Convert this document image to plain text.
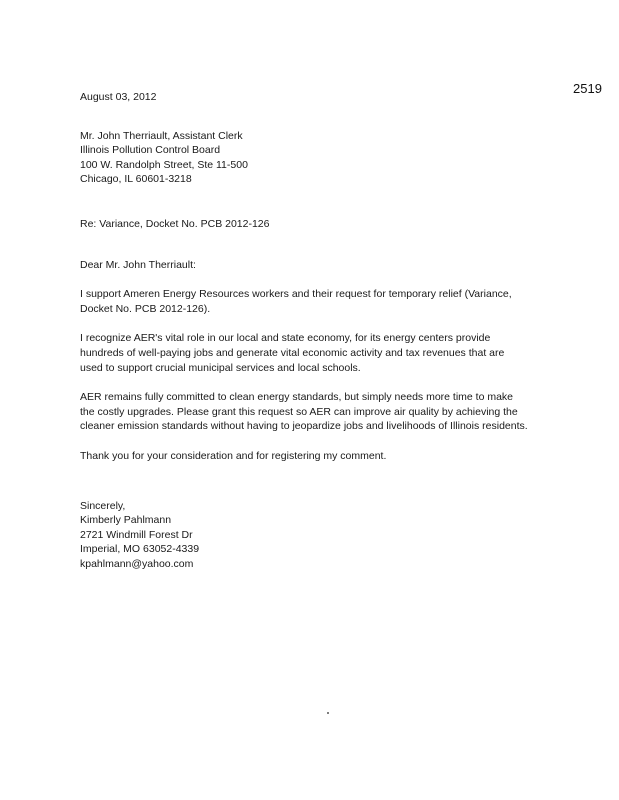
2519
August 03, 2012
Mr. John Therriault, Assistant Clerk
Illinois Pollution Control Board
100 W. Randolph Street, Ste 11-500
Chicago, IL 60601-3218
Re: Variance, Docket No. PCB 2012-126
Dear Mr. John Therriault:
I support Ameren Energy Resources workers and their request for temporary relief (Variance,
Docket No. PCB 2012-126).
I recognize AER's vital role in our local and state economy, for its energy centers provide
hundreds of well-paying jobs and generate vital economic activity and tax revenues that are
used to support crucial municipal services and local schools.
AER remains fully committed to clean energy standards, but simply needs more time to make
the costly upgrades. Please grant this request so AER can improve air quality by achieving the
cleaner emission standards without having to jeopardize jobs and livelihoods of Illinois residents.
Thank you for your consideration and for registering my comment.
Sincerely,
Kimberly Pahlmann
2721 Windmill Forest Dr
Imperial, MO 63052-4339
kpahlmann@yahoo.com
